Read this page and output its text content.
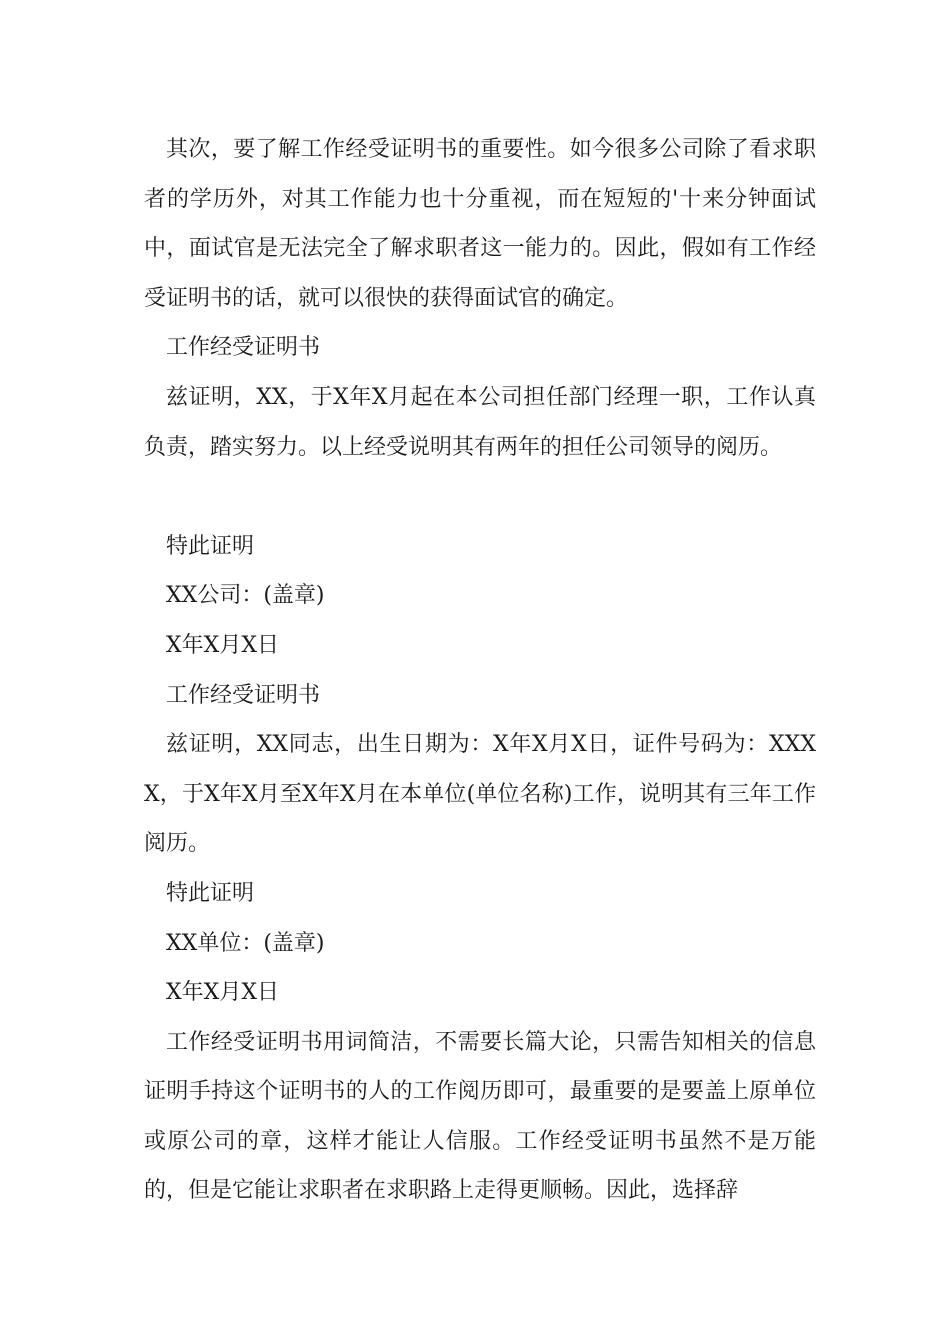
其次，要了解工作经受证明书的重要性。如今很多公司除了看求职者的学历外，对其工作能力也十分重视，而在短短的'十来分钟面试中，面试官是无法完全了解求职者这一能力的。因此，假如有工作经受证明书的话，就可以很快的获得面试官的确定。

工作经受证明书

兹证明，XX，于X年X月起在本公司担任部门经理一职，工作认真负责，踏实努力。以上经受说明其有两年的担任公司领导的阅历。

特此证明

XX公司：(盖章)

X年X月X日

工作经受证明书

兹证明，XX同志，出生日期为：X年X月X日，证件号码为：XXXX，于X年X月至X年X月在本单位(单位名称)工作，说明其有三年工作阅历。

特此证明

XX单位：(盖章)

X年X月X日

工作经受证明书用词简洁，不需要长篇大论，只需告知相关的信息证明手持这个证明书的人的工作阅历即可，最重要的是要盖上原单位或原公司的章，这样才能让人信服。工作经受证明书虽然不是万能的，但是它能让求职者在求职路上走得更顺畅。因此，选择辞
